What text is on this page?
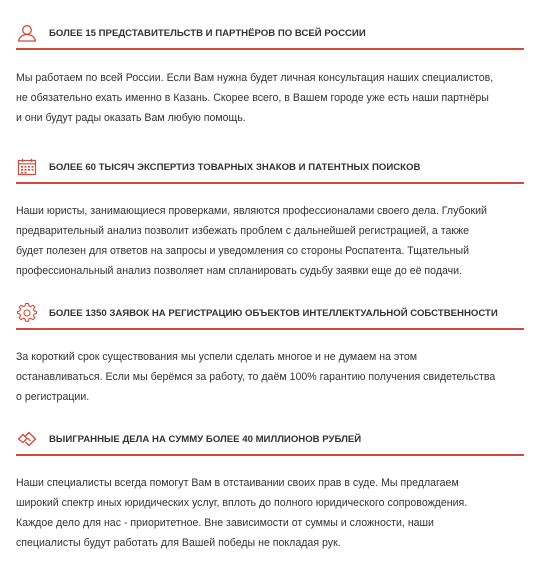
БОЛЕЕ 15 ПРЕДСТАВИТЕЛЬСТВ И ПАРТНЁРОВ ПО ВСЕЙ РОССИИ

Мы работаем по всей России. Если Вам нужна будет личная консультация наших специалистов,
не обязательно ехать именно в Казань. Скорее всего, в Вашем городе уже есть наши партнёры
и они будут рады оказать Вам любую помощь.

БОЛЕЕ 60 ТЫСЯЧ ЭКСПЕРТИЗ ТОВАРНЫХ ЗНАКОВ И ПАТЕНТНЫХ ПОИСКОВ

Наши юристы, занимающиеся проверками, являются профессионалами своего дела. Глубокий
предварительный анализ позволит избежать проблем с дальнейшей регистрацией, а также
будет полезен для ответов на запросы и уведомления со стороны Роспатента. Тщательный
профессиональный анализ позволяет нам спланировать судьбу заявки еще до её подачи.

БОЛЕЕ 1350 ЗАЯВОК НА РЕГИСТРАЦИЮ ОБЪЕКТОВ ИНТЕЛЛЕКТУАЛЬНОЙ СОБСТВЕННОСТИ

За короткий срок существования мы успели сделать многое и не думаем на этом
останавливаться. Если мы берёмся за работу, то даём 100% гарантию получения свидетельства
о регистрации.

ВЫИГРАННЫЕ ДЕЛА НА СУММУ БОЛЕЕ 40 МИЛЛИОНОВ РУБЛЕЙ

Наши специалисты всегда помогут Вам в отстаивании своих прав в суде. Мы предлагаем
широкий спектр иных юридических услуг, вплоть до полного юридического сопровождения.
Каждое дело для нас - приоритетное. Вне зависимости от суммы и сложности, наши
специалисты будут работать для Вашей победы не покладая рук.
